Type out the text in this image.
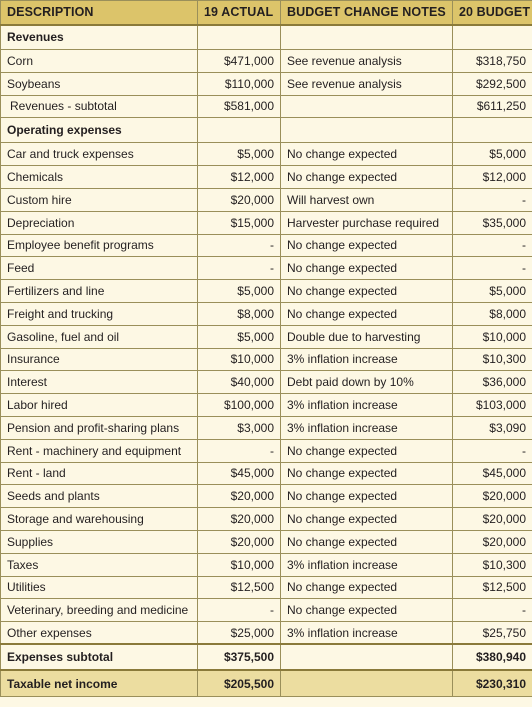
DESCRIPTION	19 ACTUAL	BUDGET CHANGE NOTES	20 BUDGET
Revenues			
Corn	$471,000	See revenue analysis	$318,750
Soybeans	$110,000	See revenue analysis	$292,500
Revenues - subtotal	$581,000		$611,250
Operating expenses			
Car and truck expenses	$5,000	No change expected	$5,000
Chemicals	$12,000	No change expected	$12,000
Custom hire	$20,000	Will harvest own	-
Depreciation	$15,000	Harvester purchase required	$35,000
Employee benefit programs	-	No change expected	-
Feed	-	No change expected	-
Fertilizers and line	$5,000	No change expected	$5,000
Freight and trucking	$8,000	No change expected	$8,000
Gasoline, fuel and oil	$5,000	Double due to harvesting	$10,000
Insurance	$10,000	3% inflation increase	$10,300
Interest	$40,000	Debt paid down by 10%	$36,000
Labor hired	$100,000	3% inflation increase	$103,000
Pension and profit-sharing plans	$3,000	3% inflation increase	$3,090
Rent - machinery and equipment	-	No change expected	-
Rent - land	$45,000	No change expected	$45,000
Seeds and plants	$20,000	No change expected	$20,000
Storage and warehousing	$20,000	No change expected	$20,000
Supplies	$20,000	No change expected	$20,000
Taxes	$10,000	3% inflation increase	$10,300
Utilities	$12,500	No change expected	$12,500
Veterinary, breeding and medicine	-	No change expected	-
Other expenses	$25,000	3% inflation increase	$25,750
Expenses subtotal	$375,500		$380,940
Taxable net income	$205,500		$230,310
